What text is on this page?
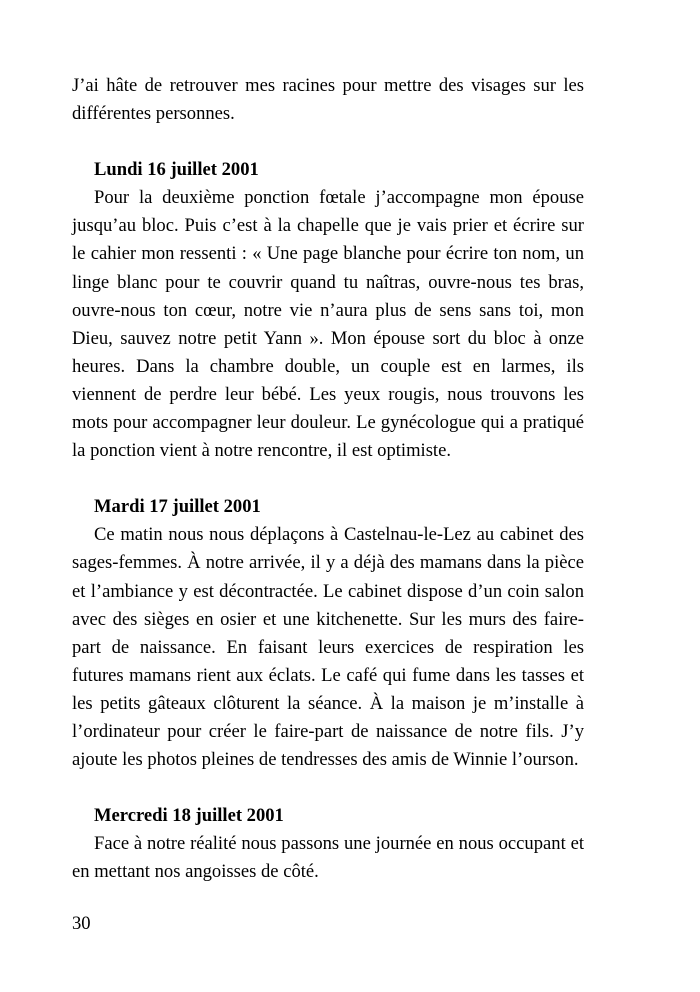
J’ai hâte de retrouver mes racines pour mettre des visages sur les différentes personnes.

Lundi 16 juillet 2001

Pour la deuxième ponction fœtale j’accompagne mon épouse jusqu’au bloc. Puis c’est à la chapelle que je vais prier et écrire sur le cahier mon ressenti : « Une page blanche pour écrire ton nom, un linge blanc pour te couvrir quand tu naîtras, ouvre-nous tes bras, ouvre-nous ton cœur, notre vie n’aura plus de sens sans toi, mon Dieu, sauvez notre petit Yann ». Mon épouse sort du bloc à onze heures. Dans la chambre double, un couple est en larmes, ils viennent de perdre leur bébé. Les yeux rougis, nous trouvons les mots pour accompagner leur douleur. Le gynécologue qui a pratiqué la ponction vient à notre rencontre, il est optimiste.

Mardi 17 juillet 2001

Ce matin nous nous déplaçons à Castelnau-le-Lez au cabinet des sages-femmes. À notre arrivée, il y a déjà des mamans dans la pièce et l’ambiance y est décontractée. Le cabinet dispose d’un coin salon avec des sièges en osier et une kitchenette. Sur les murs des faire-part de naissance. En faisant leurs exercices de respiration les futures mamans rient aux éclats. Le café qui fume dans les tasses et les petits gâteaux clôturent la séance. À la maison je m’installe à l’ordinateur pour créer le faire-part de naissance de notre fils. J’y ajoute les photos pleines de tendresses des amis de Winnie l’ourson.

Mercredi 18 juillet 2001

Face à notre réalité nous passons une journée en nous occupant et en mettant nos angoisses de côté.

30
